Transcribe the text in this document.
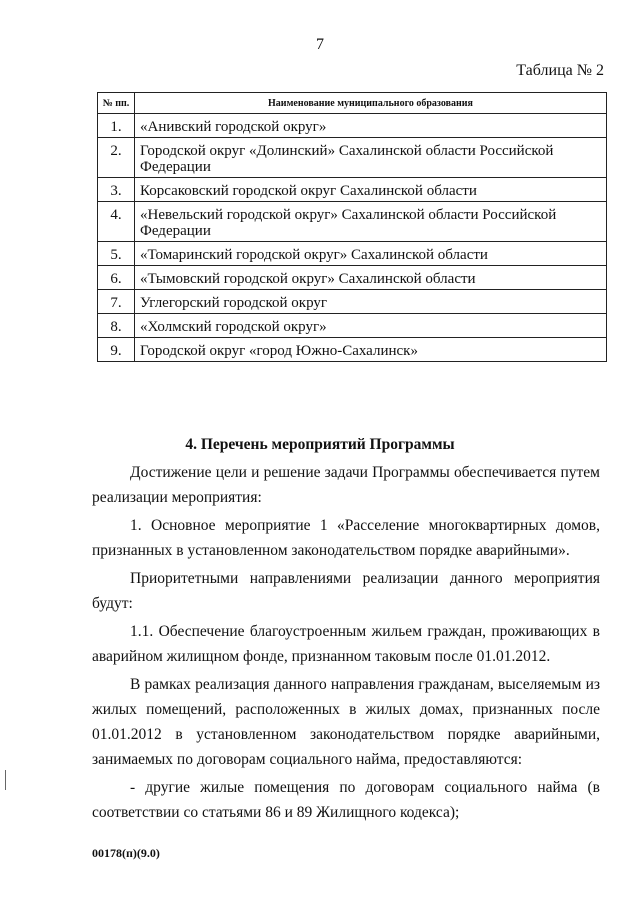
7
Таблица № 2
№ пп.	Наименование муниципального образования
1.	«Анивский городской округ»
2.	Городской округ «Долинский» Сахалинской области Российской Федерации
3.	Корсаковский городской округ Сахалинской области
4.	«Невельский городской округ» Сахалинской области Российской Федерации
5.	«Томаринский городской округ» Сахалинской области
6.	«Тымовский городской округ» Сахалинской области
7.	Углегорский городской округ
8.	«Холмский городской округ»
9.	Городской округ «город Южно-Сахалинск»
4. Перечень мероприятий Программы

Достижение цели и решение задачи Программы обеспечивается путем реализации мероприятия:

1. Основное мероприятие 1 «Расселение многоквартирных домов, признанных в установленном законодательством порядке аварийными».

Приоритетными направлениями реализации данного мероприятия будут:

1.1. Обеспечение благоустроенным жильем граждан, проживающих в аварийном жилищном фонде, признанном таковым после 01.01.2012.

В рамках реализация данного направления гражданам, выселяемым из жилых помещений, расположенных в жилых домах, признанных после 01.01.2012 в установленном законодательством порядке аварийными, занимаемых по договорам социального найма, предоставляются:

- другие жилые помещения по договорам социального найма (в соответствии со статьями 86 и 89 Жилищного кодекса);

00178(п)(9.0)
